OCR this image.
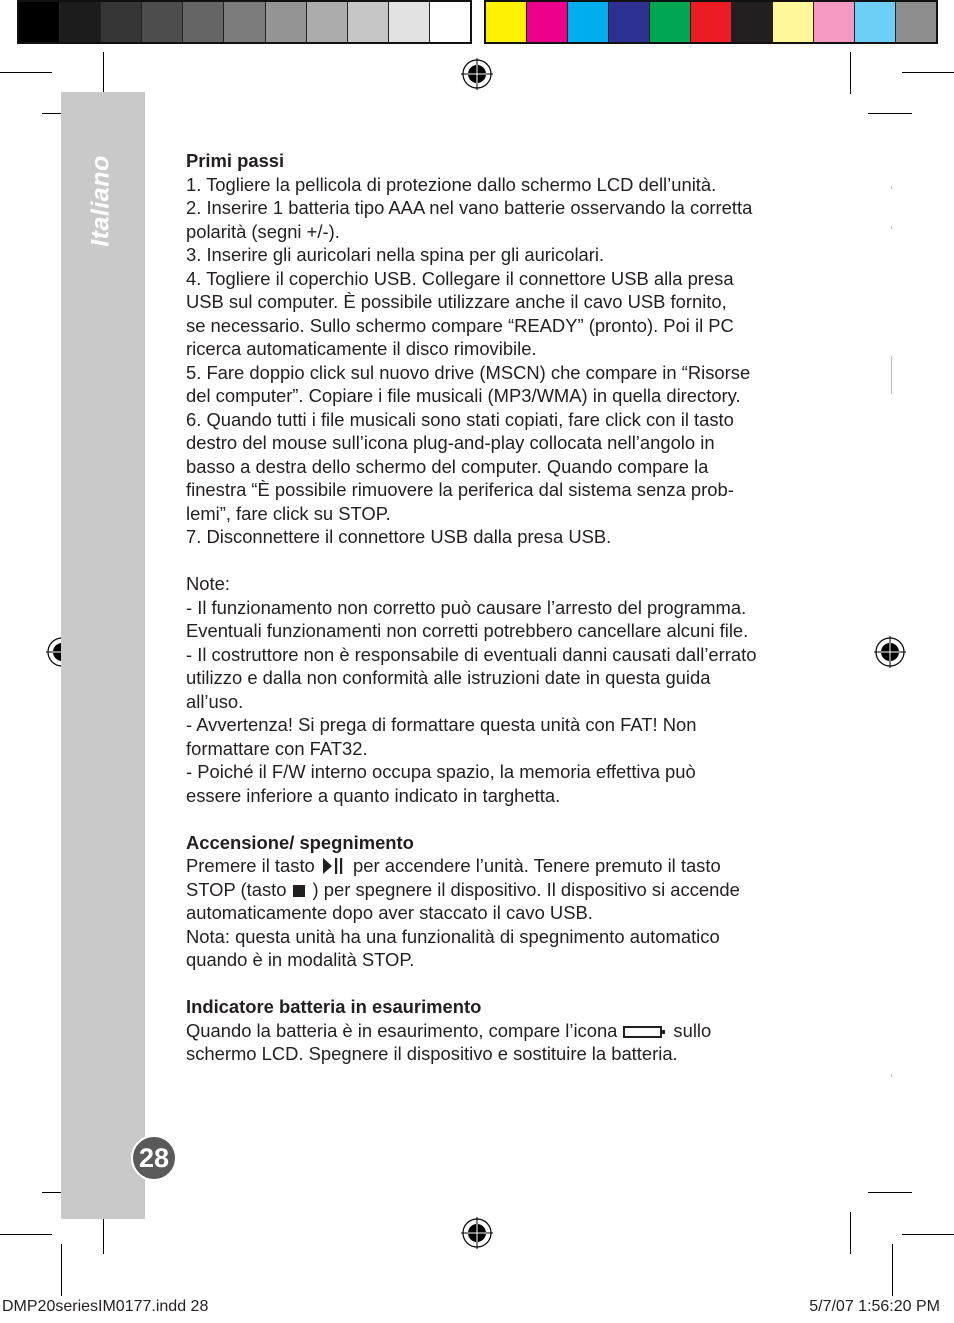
Italiano
28

Primi passi

1. Togliere la pellicola di protezione dallo schermo LCD dell’unità.

2. Inserire 1 batteria tipo AAA nel vano batterie osservando la corretta

polarità (segni +/-).

3. Inserire gli auricolari nella spina per gli auricolari.

4. Togliere il coperchio USB. Collegare il connettore USB alla presa

USB sul computer. È possibile utilizzare anche il cavo USB fornito,

se necessario. Sullo schermo compare “READY” (pronto). Poi il PC

ricerca automaticamente il disco rimovibile.

5. Fare doppio click sul nuovo drive (MSCN) che compare in “Risorse

del computer”. Copiare i file musicali (MP3/WMA) in quella directory.

6. Quando tutti i file musicali sono stati copiati, fare click con il tasto

destro del mouse sull’icona plug-and-play collocata nell’angolo in

basso a destra dello schermo del computer. Quando compare la

finestra “È possibile rimuovere la periferica dal sistema senza prob-

lemi”, fare click su STOP.

7. Disconnettere il connettore USB dalla presa USB.

Note:

- Il funzionamento non corretto può causare l’arresto del programma.

Eventuali funzionamenti non corretti potrebbero cancellare alcuni file.

- Il costruttore non è responsabile di eventuali danni causati dall’errato

utilizzo e dalla non conformità alle istruzioni date in questa guida

all’uso.

- Avvertenza! Si prega di formattare questa unità con FAT! Non

formattare con FAT32.

- Poiché il F/W interno occupa spazio, la memoria effettiva può

essere inferiore a quanto indicato in targhetta.

Accensione/ spegnimento

Premere il tasto per accendere l’unità. Tenere premuto il tasto

STOP (tasto ) per spegnere il dispositivo. Il dispositivo si accende

automaticamente dopo aver staccato il cavo USB.

Nota: questa unità ha una funzionalità di spegnimento automatico

quando è in modalità STOP.

Indicatore batteria in esaurimento

Quando la batteria è in esaurimento, compare l’icona	sullo

schermo LCD. Spegnere il dispositivo e sostituire la batteria.

DMP20seriesIM0177.indd 28	5/7/07 1:56:20 PM
